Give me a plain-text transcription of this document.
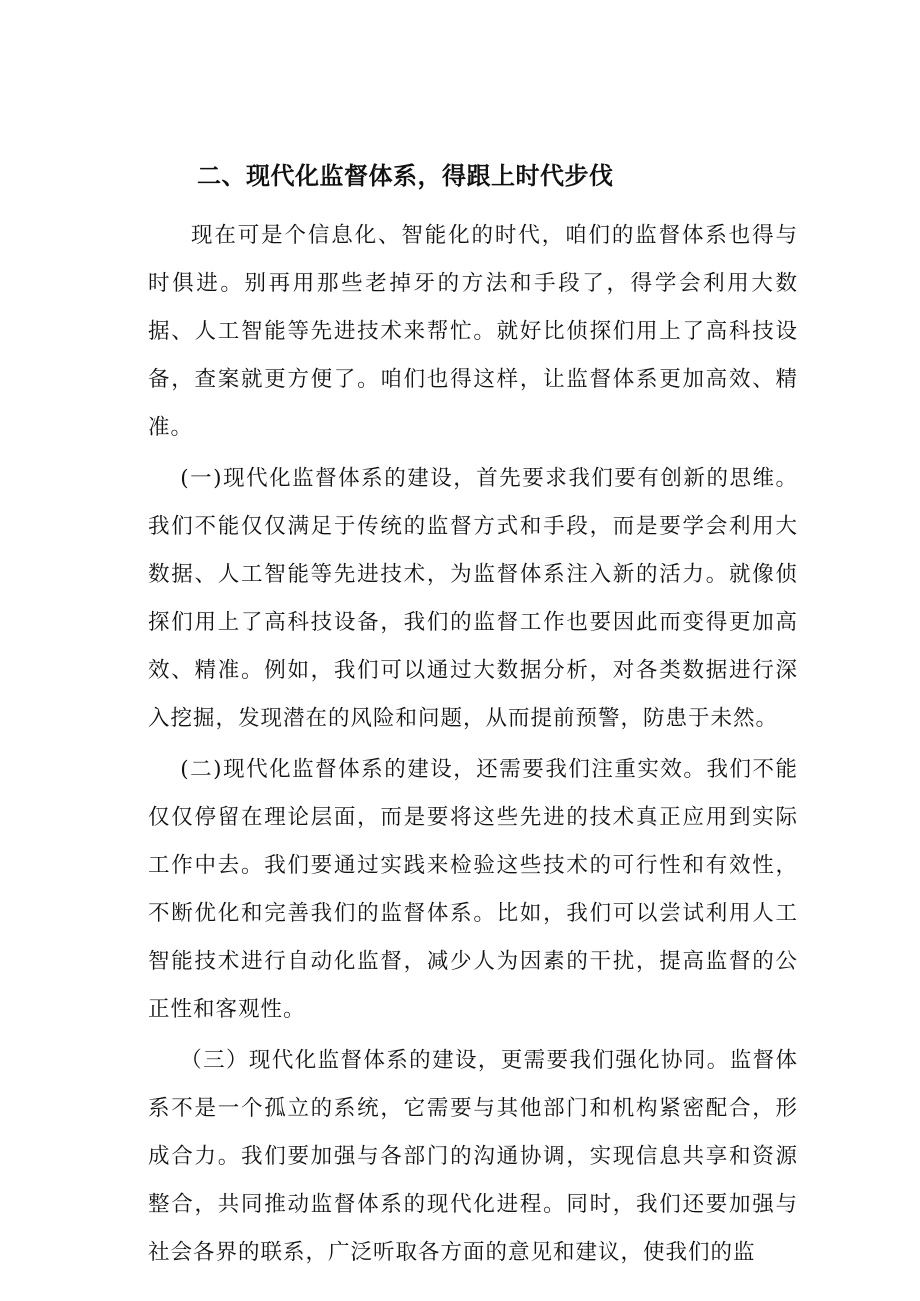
二、现代化监督体系，得跟上时代步伐

现在可是个信息化、智能化的时代，咱们的监督体系也得与时俱进。别再用那些老掉牙的方法和手段了，得学会利用大数据、人工智能等先进技术来帮忙。就好比侦探们用上了高科技设备，查案就更方便了。咱们也得这样，让监督体系更加高效、精准。

(一)现代化监督体系的建设，首先要求我们要有创新的思维。我们不能仅仅满足于传统的监督方式和手段，而是要学会利用大数据、人工智能等先进技术，为监督体系注入新的活力。就像侦探们用上了高科技设备，我们的监督工作也要因此而变得更加高效、精准。例如，我们可以通过大数据分析，对各类数据进行深入挖掘，发现潜在的风险和问题，从而提前预警，防患于未然。

(二)现代化监督体系的建设，还需要我们注重实效。我们不能仅仅停留在理论层面，而是要将这些先进的技术真正应用到实际工作中去。我们要通过实践来检验这些技术的可行性和有效性，不断优化和完善我们的监督体系。比如，我们可以尝试利用人工智能技术进行自动化监督，减少人为因素的干扰，提高监督的公正性和客观性。

（三）现代化监督体系的建设，更需要我们强化协同。监督体系不是一个孤立的系统，它需要与其他部门和机构紧密配合，形成合力。我们要加强与各部门的沟通协调，实现信息共享和资源整合，共同推动监督体系的现代化进程。同时，我们还要加强与社会各界的联系，广泛听取各方面的意见和建议，使我们的监
